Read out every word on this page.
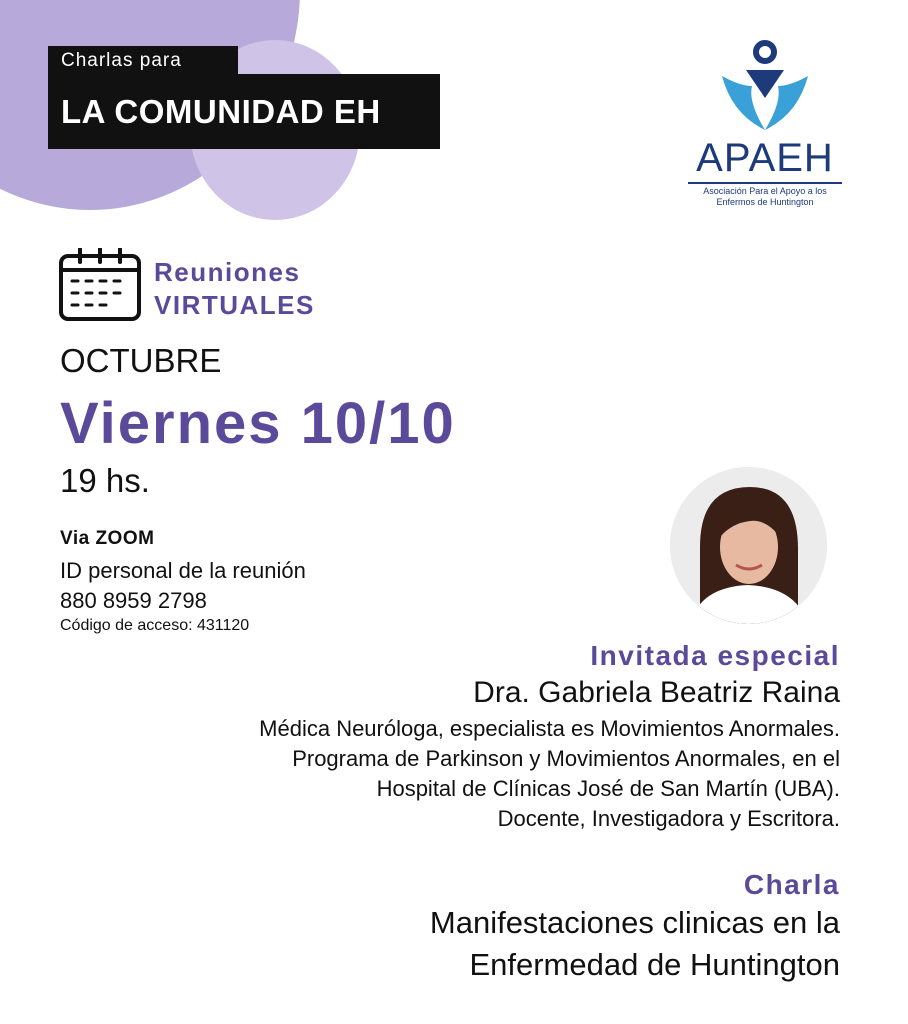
Charlas para
LA COMUNIDAD EH
APAEH
Asociación Para el Apoyo a los
Enfermos de Huntington
Reuniones
VIRTUALES
OCTUBRE
Viernes 10/10
19 hs.
Via ZOOM
ID personal de la reunión
880 8959 2798
Código de acceso: 431120
Invitada especial
Dra. Gabriela Beatriz Raina
Médica Neuróloga, especialista es Movimientos Anormales.
Programa de Parkinson y Movimientos Anormales, en el
Hospital de Clínicas José de San Martín (UBA).
Docente, Investigadora y Escritora.
Charla
Manifestaciones clinicas en la
Enfermedad de Huntington
